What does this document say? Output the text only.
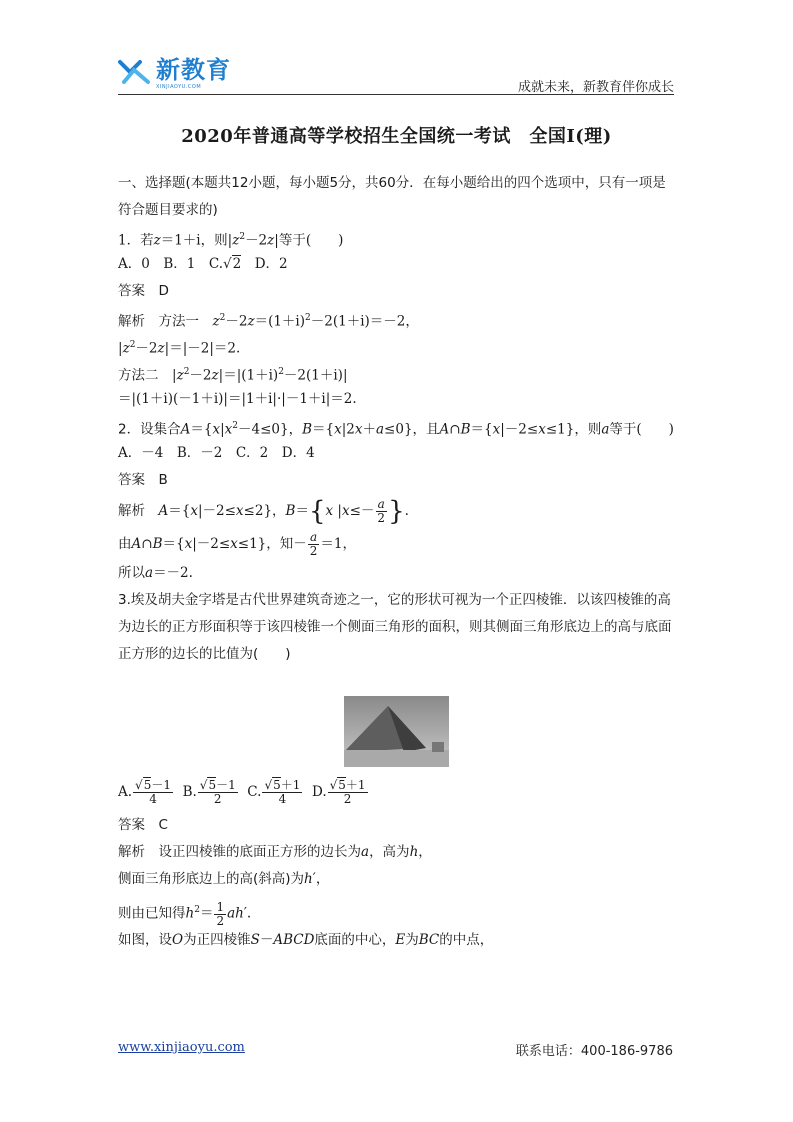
新教育
XINJIAOYU.COM	成就未来，新教育伴你成长
2020年普通高等学校招生全国统一考试　全国Ⅰ(理)
一、选择题(本题共12小题，每小题5分，共60分．在每小题给出的四个选项中，只有一项是符合题目要求的)
1．若z＝1＋i，则$|z^2-2z|$等于(　　)
A．0　B．1　C.√2　D．2
答案　 D
解析　 方法一　 $z^2-2z=(1+i)^2-2(1+i)=-2$，
$|z^2-2z|=|-2|=2$.
方法二　$|z^2-2z|=|(1+i)^2-2(1+i)|$
＝|(1＋i)(－1＋i)|＝|1＋i|·|－1＋i|＝2.
2．设集合$A=\{x|x^2-4\le 0\}$，B＝{x|2x＋a≤0}，且A∩B＝{x|－2≤x≤1}，则a等于(　　)
A．－4　B．－2　C．2　D．4
答案　 B
解析　 A＝{x|－2≤x≤2}，B＝{x $|x\le- \frac{a}{2}$ }.
由A∩B＝{x|－2≤x≤1}，知－ $\frac{a}{2} =1$，
所以a＝－2.
3.埃及胡夫金字塔是古代世界建筑奇迹之一，它的形状可视为一个正四棱锥．以该四棱锥的高为边长的正方形面积等于该四棱锥一个侧面三角形的面积，则其侧面三角形底边上的高与底面正方形的边长的比值为(　　)
A. $\frac{√5-1}{4} B$. $\frac{√5-1}{2} C$. $\frac{√5+1}{4} D$. $\frac{√5+1}{2}$
答案　 C
解析　 设正四棱锥的底面正方形的边长为a，高为h，
侧面三角形底边上的高(斜高)为h′，
则由已知得$h^2= \frac{1}{2} ah'$.
如图，设O为正四棱锥S－ABCD底面的中心，E为BC的中点，
www.xinjiaoyu.com	联系电话：400-186-9786
